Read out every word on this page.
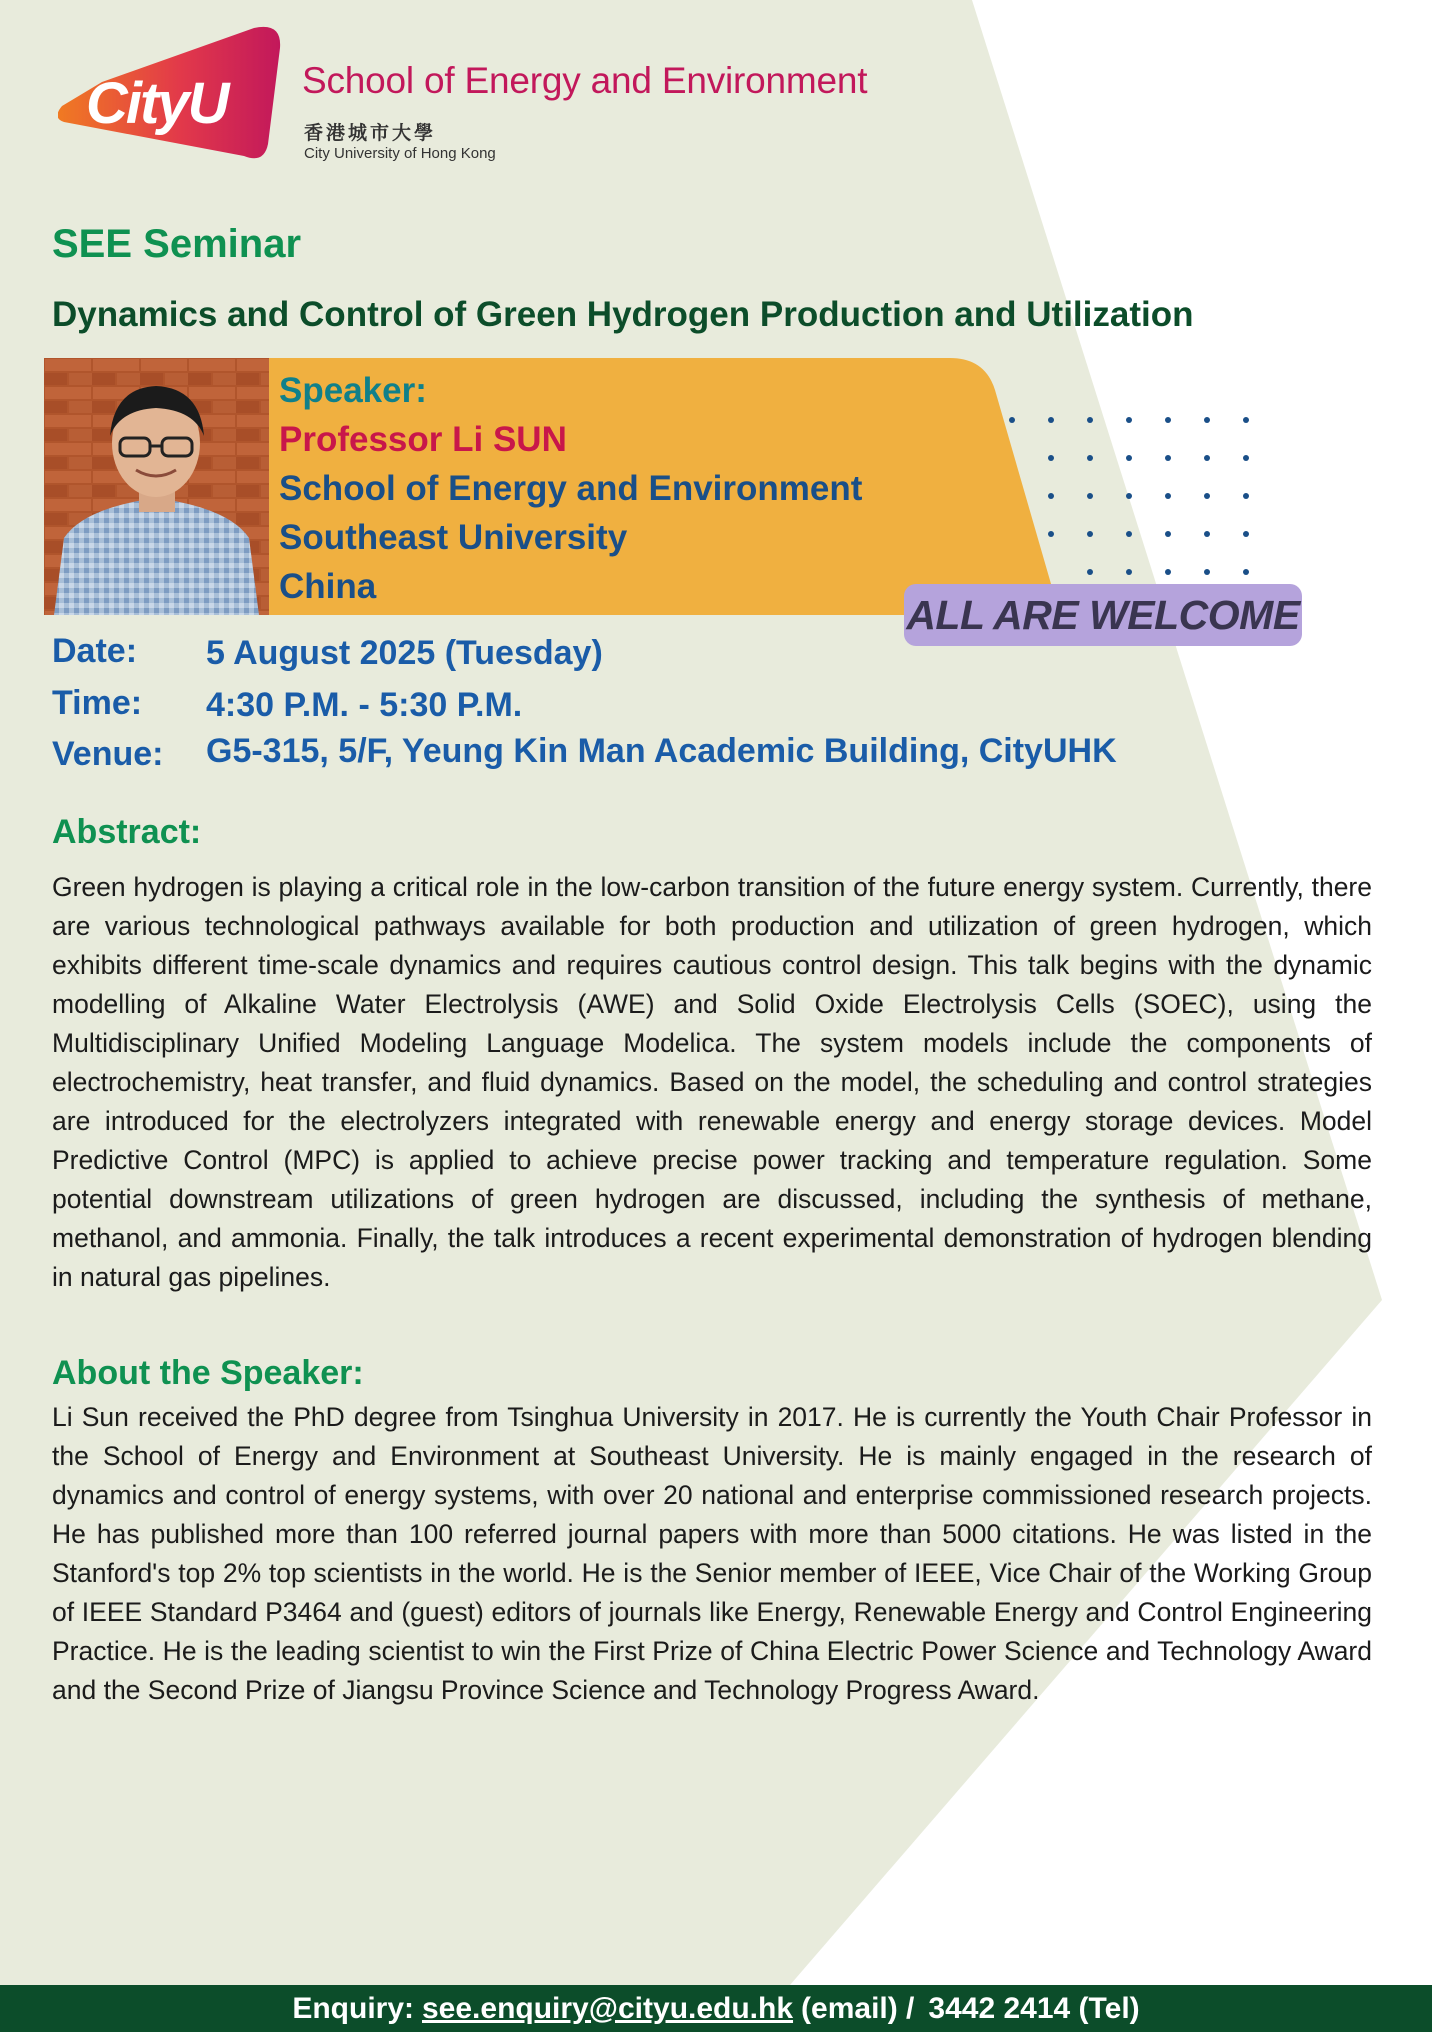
CityU School of Energy and Environment
香港城市大學
City University of Hong Kong
SEE Seminar
Dynamics and Control of Green Hydrogen Production and Utilization
Speaker:
Professor Li SUN
School of Energy and Environment
Southeast University
China
ALL ARE WELCOME
Date: 5 August 2025 (Tuesday)
Time: 4:30 P.M. - 5:30 P.M.
Venue: G5-315, 5/F, Yeung Kin Man Academic Building, CityUHK
Abstract:
Green hydrogen is playing a critical role in the low-carbon transition of the future energy system. Currently, there are various technological pathways available for both production and utilization of green hydrogen, which exhibits different time-scale dynamics and requires cautious control design. This talk begins with the dynamic modelling of Alkaline Water Electrolysis (AWE) and Solid Oxide Electrolysis Cells (SOEC), using the Multidisciplinary Unified Modeling Language Modelica. The system models include the components of electrochemistry, heat transfer, and fluid dynamics. Based on the model, the scheduling and control strategies are introduced for the electrolyzers integrated with renewable energy and energy storage devices. Model Predictive Control (MPC) is applied to achieve precise power tracking and temperature regulation. Some potential downstream utilizations of green hydrogen are discussed, including the synthesis of methane, methanol, and ammonia. Finally, the talk introduces a recent experimental demonstration of hydrogen blending in natural gas pipelines.
About the Speaker:
Li Sun received the PhD degree from Tsinghua University in 2017. He is currently the Youth Chair Professor in the School of Energy and Environment at Southeast University. He is mainly engaged in the research of dynamics and control of energy systems, with over 20 national and enterprise commissioned research projects. He has published more than 100 referred journal papers with more than 5000 citations. He was listed in the Stanford's top 2% top scientists in the world. He is the Senior member of IEEE, Vice Chair of the Working Group of IEEE Standard P3464 and (guest) editors of journals like Energy, Renewable Energy and Control Engineering Practice. He is the leading scientist to win the First Prize of China Electric Power Science and Technology Award and the Second Prize of Jiangsu Province Science and Technology Progress Award.
Enquiry: see.enquiry@cityu.edu.hk (email) / 3442 2414 (Tel)
